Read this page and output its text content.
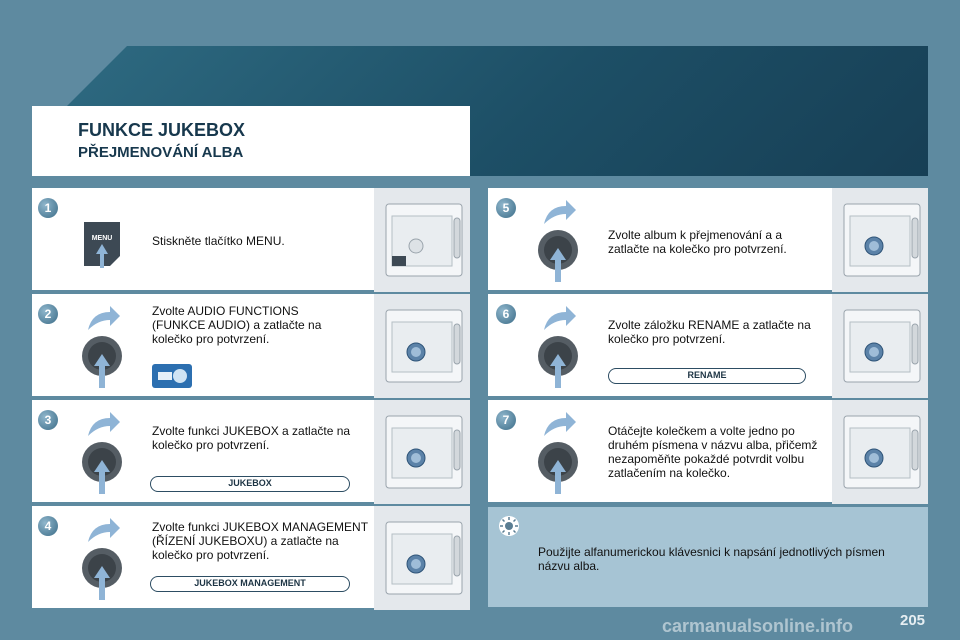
FUNKCE JUKEBOX
PŘEJMENOVÁNÍ ALBA
1
MENU	Stiskněte tlačítko MENU.
2	Zvolte AUDIO FUNCTIONS (FUNKCE AUDIO) a zatlačte na kolečko pro potvrzení.
3
Zvolte funkci JUKEBOX a zatlačte na kolečko pro potvrzení.
JUKEBOX
4	Zvolte funkci JUKEBOX MANAGEMENT (ŘÍZENÍ JUKEBOXU) a zatlačte na kolečko pro potvrzení.
JUKEBOX MANAGEMENT
5
Zvolte album k přejmenování a a zatlačte na kolečko pro potvrzení.
6
Zvolte záložku RENAME a zatlačte na kolečko pro potvrzení.
RENAME
7
Otáčejte kolečkem a volte jedno po druhém písmena v názvu alba, přičemž nezapoměňte pokaždé potvrdit volbu zatlačením na kolečko.
Použijte alfanumerickou klávesnici k napsání jednotlivých písmen názvu alba.
carmanualsonline.info	205
